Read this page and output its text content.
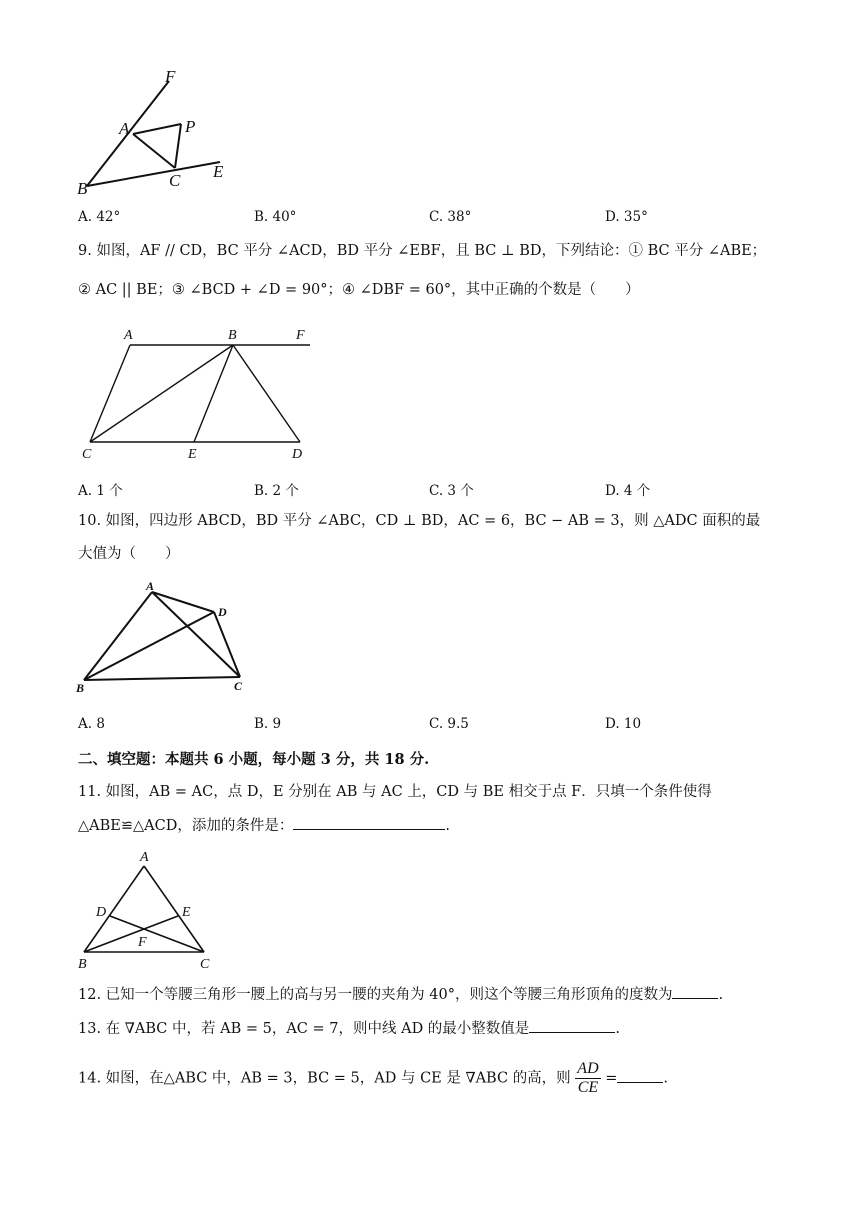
F
A	P
B	C E
A. 42°	B. 40°	C. 38°	D. 35°
9. 如图，AF // CD，BC 平分 ∠ACD，BD 平分 ∠EBF，且 BC ⊥ BD，下列结论：① BC 平分 ∠ABE；
② AC || BE；③ ∠BCD + ∠D = 90°；④ ∠DBF = 60°，其中正确的个数是（　　）
A	B	F
C	E	D
A. 1 个	B. 2 个	C. 3 个	D. 4 个
10. 如图，四边形 ABCD，BD 平分 ∠ABC，CD ⊥ BD，AC = 6，BC − AB = 3，则 △ADC 面积的最
大值为（　　）
A
D
B	C
A. 8	B. 9	C. 9.5	D. 10
二、填空题：本题共 6 小题，每小题 3 分，共 18 分.
11. 如图，AB = AC，点 D，E 分别在 AB 与 AC 上，CD 与 BE 相交于点 F．只填一个条件使得
△ABE≌△ACD，添加的条件是：	.
A
D	E
F
B	C
12. 已知一个等腰三角形一腰上的高与另一腰的夹角为 40°，则这个等腰三角形顶角的度数为	.
13. 在 ∇ABC 中，若 AB = 5，AC = 7，则中线 AD 的最小整数值是	.
14. 如图，在△ABC 中，AB = 3，BC = 5，AD 与 CE 是 ∇ABC 的高，则 $\frac{AD}{CE}$ =	.
